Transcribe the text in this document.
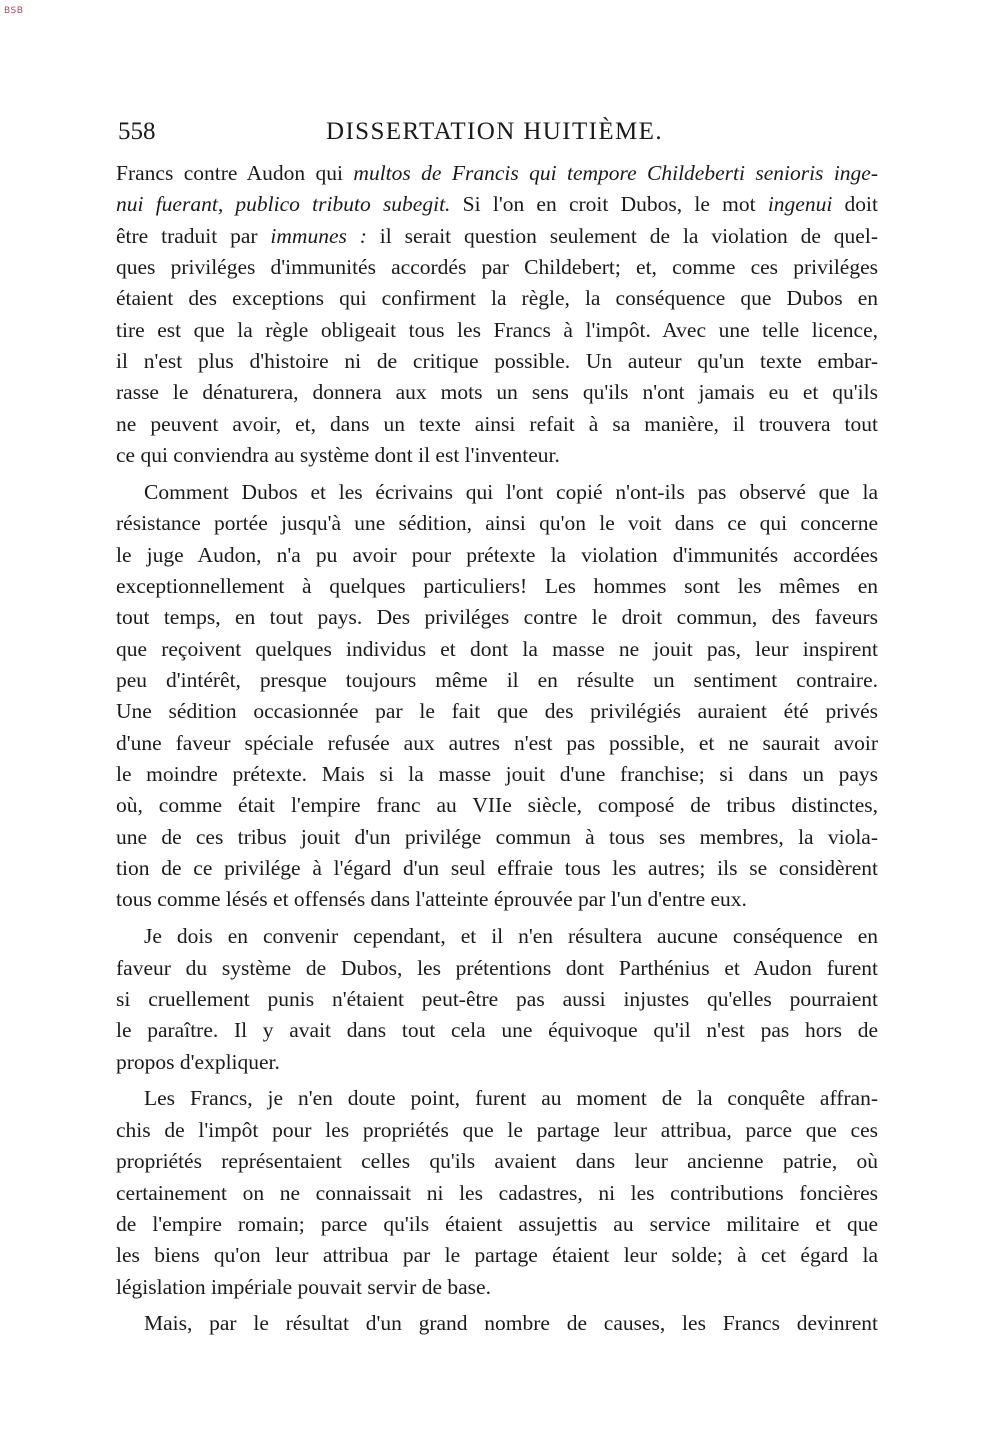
BSB
558	DISSERTATION HUITIÈME.

Francs contre Audon qui multos de Francis qui tempore Childeberti senioris inge-

nui fuerant, publico tributo subegit. Si l'on en croit Dubos, le mot ingenui doit

être traduit par immunes : il serait question seulement de la violation de quel-

ques priviléges d'immunités accordés par Childebert; et, comme ces priviléges

étaient des exceptions qui confirment la règle, la conséquence que Dubos en

tire est que la règle obligeait tous les Francs à l'impôt. Avec une telle licence,

il n'est plus d'histoire ni de critique possible. Un auteur qu'un texte embar-

rasse le dénaturera, donnera aux mots un sens qu'ils n'ont jamais eu et qu'ils

ne peuvent avoir, et, dans un texte ainsi refait à sa manière, il trouvera tout

ce qui conviendra au système dont il est l'inventeur.

Comment Dubos et les écrivains qui l'ont copié n'ont-ils pas observé que la

résistance portée jusqu'à une sédition, ainsi qu'on le voit dans ce qui concerne

le juge Audon, n'a pu avoir pour prétexte la violation d'immunités accordées

exceptionnellement à quelques particuliers! Les hommes sont les mêmes en

tout temps, en tout pays. Des priviléges contre le droit commun, des faveurs

que reçoivent quelques individus et dont la masse ne jouit pas, leur inspirent

peu d'intérêt, presque toujours même il en résulte un sentiment contraire.

Une sédition occasionnée par le fait que des privilégiés auraient été privés

d'une faveur spéciale refusée aux autres n'est pas possible, et ne saurait avoir

le moindre prétexte. Mais si la masse jouit d'une franchise; si dans un pays

où, comme était l'empire franc au VIIe siècle, composé de tribus distinctes,

une de ces tribus jouit d'un privilége commun à tous ses membres, la viola-

tion de ce privilége à l'égard d'un seul effraie tous les autres; ils se considèrent

tous comme lésés et offensés dans l'atteinte éprouvée par l'un d'entre eux.

Je dois en convenir cependant, et il n'en résultera aucune conséquence en

faveur du système de Dubos, les prétentions dont Parthénius et Audon furent

si cruellement punis n'étaient peut-être pas aussi injustes qu'elles pourraient

le paraître. Il y avait dans tout cela une équivoque qu'il n'est pas hors de

propos d'expliquer.

Les Francs, je n'en doute point, furent au moment de la conquête affran-

chis de l'impôt pour les propriétés que le partage leur attribua, parce que ces

propriétés représentaient celles qu'ils avaient dans leur ancienne patrie, où

certainement on ne connaissait ni les cadastres, ni les contributions foncières

de l'empire romain; parce qu'ils étaient assujettis au service militaire et que

les biens qu'on leur attribua par le partage étaient leur solde; à cet égard la

législation impériale pouvait servir de base.

Mais, par le résultat d'un grand nombre de causes, les Francs devinrent
